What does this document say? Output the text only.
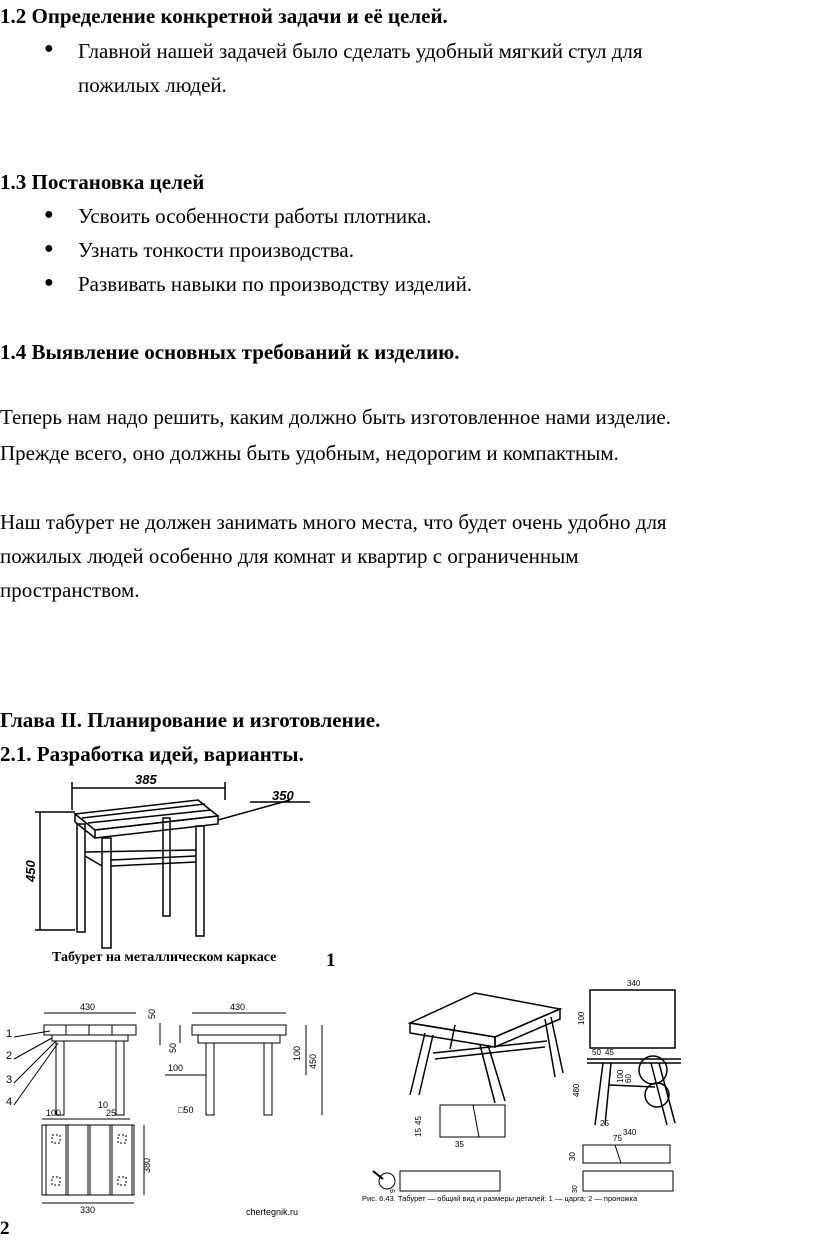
1.2 Определение конкретной задачи и её целей.
● Главной нашей задачей было сделать удобный мягкий стул для
пожилых людей.
1.3 Постановка целей
● Усвоить особенности работы плотника.
● Узнать тонкости производства.
● Развивать навыки по производству изделий.
1.4 Выявление основных требований к изделию.
Теперь нам надо решить, каким должно быть изготовленное нами изделие.
Прежде всего, оно должны быть удобным, недорогим и компактным.
Наш табурет не должен занимать много места, что будет очень удобно для
пожилых людей особенно для комнат и квартир с ограниченным
пространством.
Глава II. Планирование и изготовление.
2.1. Разработка идей, варианты.
385
350
450
Табурет на металлическом каркасе	1
430	430
50
50
100
100
450
□50
10
100	25
380
330
1
2
3
4
chertegnik.ru
2
340
100
50 45
480
100 60
25
340
45
15
35
75
30
9	30
Рис. 6.43. Табурет — общий вид и размеры деталей: 1 — царга; 2 — проножка
